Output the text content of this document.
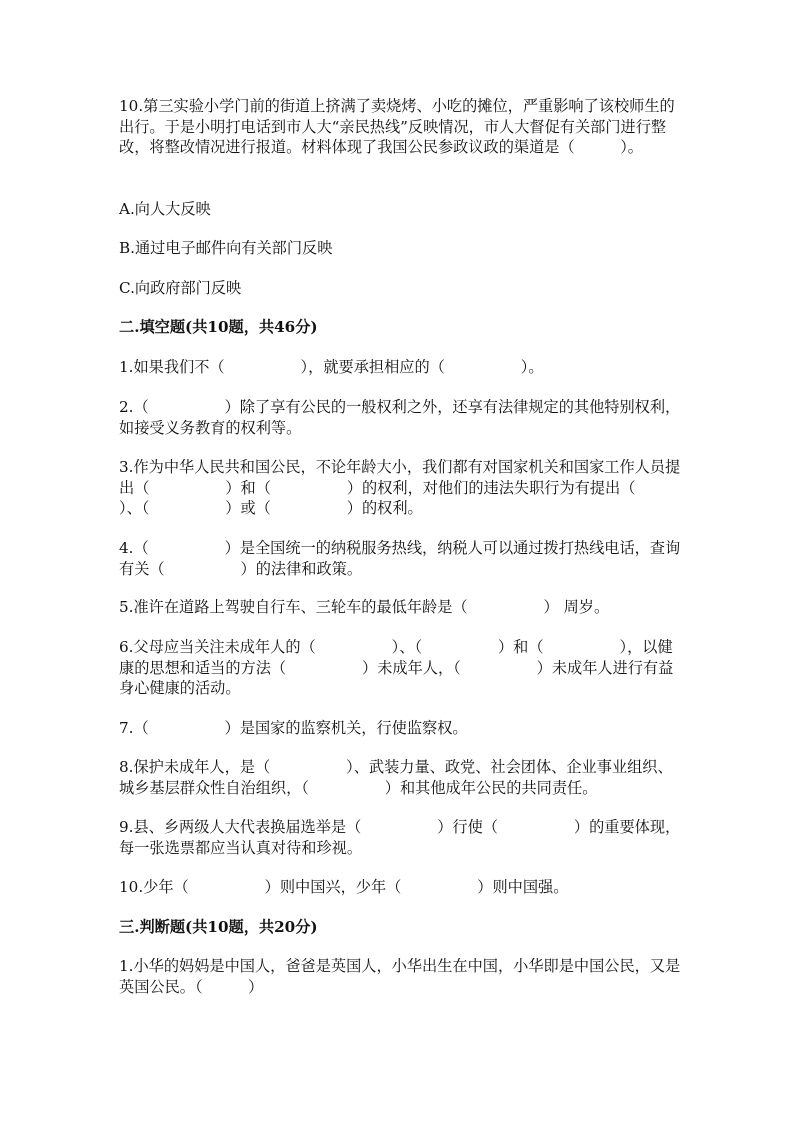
10.第三实验小学门前的街道上挤满了卖烧烤、小吃的摊位，严重影响了该校师生的出行。于是小明打电话到市人大“亲民热线”反映情况，市人大督促有关部门进行整改，将整改情况进行报道。材料体现了我国公民参政议政的渠道是（　　　）。

A.向人大反映

B.通过电子邮件向有关部门反映

C.向政府部门反映

二.填空题(共10题，共46分)

1.如果我们不（　　　　　），就要承担相应的（　　　　　）。

2.（　　　　　）除了享有公民的一般权利之外，还享有法律规定的其他特别权利，如接受义务教育的权利等。

3.作为中华人民共和国公民，不论年龄大小，我们都有对国家机关和国家工作人员提出（　　　　　）和（　　　　　）的权利，对他们的违法失职行为有提出（　　　　　）、（　　　　　）或（　　　　　）的权利。

4.（　　　　　）是全国统一的纳税服务热线，纳税人可以通过拨打热线电话，查询有关（　　　　　）的法律和政策。

5.准许在道路上驾驶自行车、三轮车的最低年龄是（　　　　　） 周岁。

6.父母应当关注未成年人的（　　　　　）、（　　　　　）和（　　　　　），以健康的思想和适当的方法（　　　　　）未成年人，（　　　　　）未成年人进行有益身心健康的活动。

7.（　　　　　）是国家的监察机关，行使监察权。

8.保护未成年人，是（　　　　　）、武装力量、政党、社会团体、企业事业组织、城乡基层群众性自治组织，（　　　　　）和其他成年公民的共同责任。

9.县、乡两级人大代表换届选举是（　　　　　）行使（　　　　　）的重要体现，每一张选票都应当认真对待和珍视。

10.少年（　　　　　）则中国兴，少年（　　　　　）则中国强。

三.判断题(共10题，共20分)

1.小华的妈妈是中国人，爸爸是英国人，小华出生在中国，小华即是中国公民，又是英国公民。（　　　）
